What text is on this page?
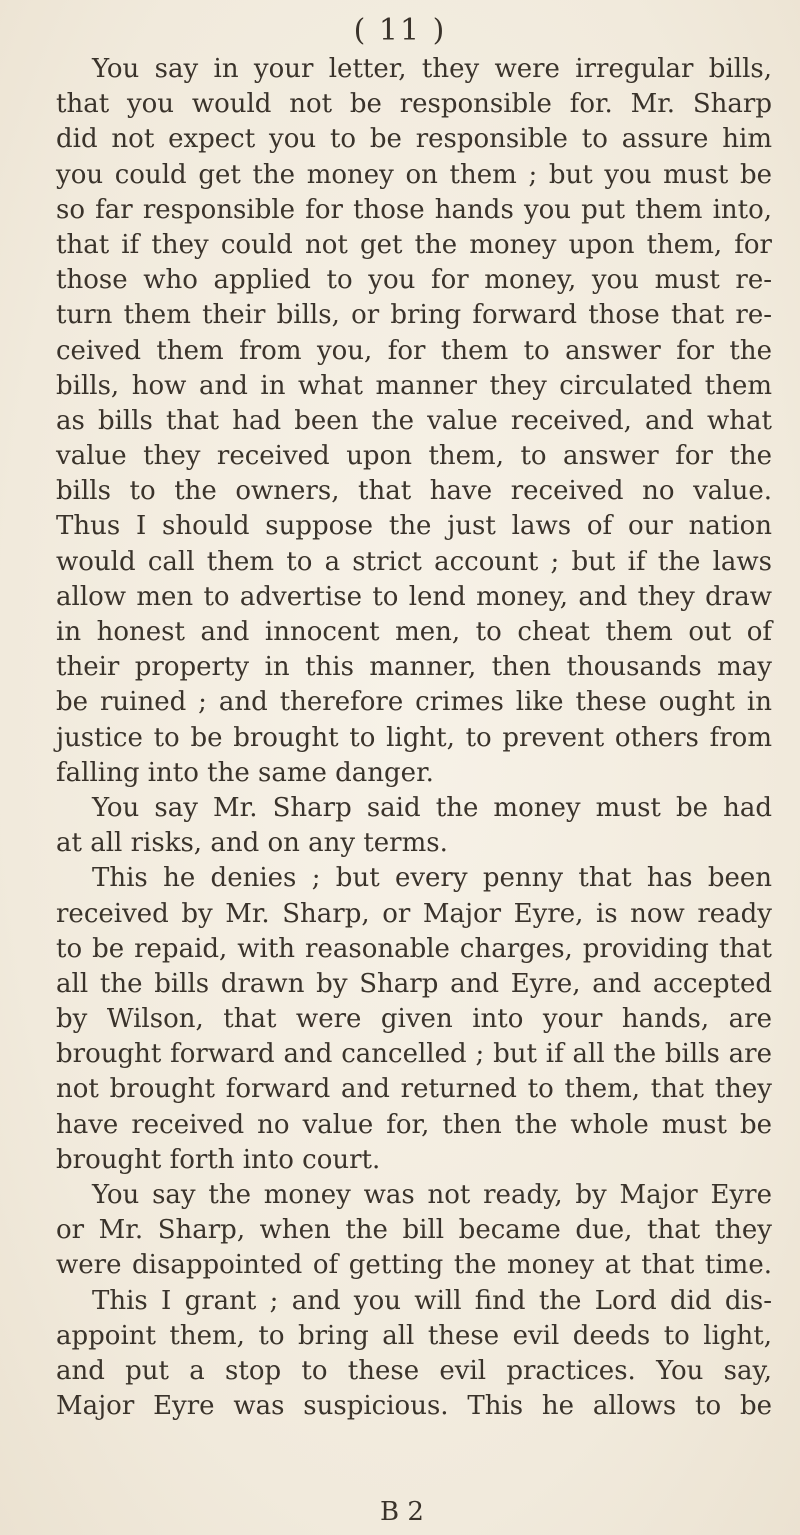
( 11 )
You say in your letter, they were irregular bills,
that you would not be responsible for. Mr. Sharp
did not expect you to be responsible to assure him
you could get the money on them ; but you must be
so far responsible for those hands you put them into,
that if they could not get the money upon them, for
those who applied to you for money, you must re-
turn them their bills, or bring forward those that re-
ceived them from you, for them to answer for the
bills, how and in what manner they circulated them
as bills that had been the value received, and what
value they received upon them, to answer for the
bills to the owners, that have received no value.
Thus I should suppose the just laws of our nation
would call them to a strict account ; but if the laws
allow men to advertise to lend money, and they draw
in honest and innocent men, to cheat them out of
their property in this manner, then thousands may
be ruined ; and therefore crimes like these ought in
justice to be brought to light, to prevent others from
falling into the same danger.
You say Mr. Sharp said the money must be had
at all risks, and on any terms.
This he denies ; but every penny that has been
received by Mr. Sharp, or Major Eyre, is now ready
to be repaid, with reasonable charges, providing that
all the bills drawn by Sharp and Eyre, and accepted
by Wilson, that were given into your hands, are
brought forward and cancelled ; but if all the bills are
not brought forward and returned to them, that they
have received no value for, then the whole must be
brought forth into court.
You say the money was not ready, by Major Eyre
or Mr. Sharp, when the bill became due, that they
were disappointed of getting the money at that time.
This I grant ; and you will find the Lord did dis-
appoint them, to bring all these evil deeds to light,
and put a stop to these evil practices. You say,
Major Eyre was suspicious. This he allows to be
B 2
